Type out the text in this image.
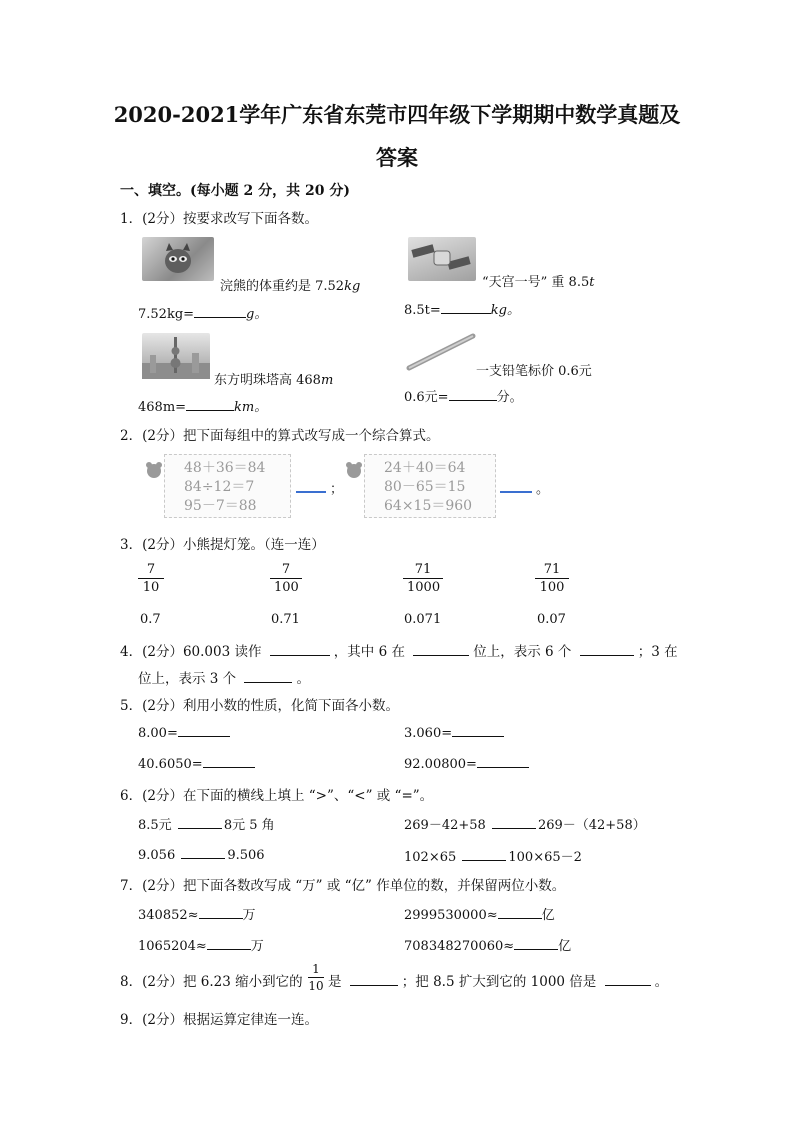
2020-2021学年广东省东莞市四年级下学期期中数学真题及
答案
一、填空。(每小题 2 分，共 20 分)
1．(2分）按要求改写下面各数。
浣熊的体重约是 7.52kg
7.52kg=	g。
“天宫一号” 重 8.5t
8.5t=	kg。
东方明珠塔高 468m
468m=	km。
一支铅笔标价 0.6元
0.6元=	分。
2．(2分）把下面每组中的算式改写成一个综合算式。
48＋36＝84
84÷12＝7
95－7＝88
；
24＋40＝64
80－65＝15
64×15＝960
。
3．(2分）小熊提灯笼。（连一连）
7
10
7
100
71
1000
71
100
0.7	0.71	0.071	0.07
4．(2分）60.003 读作	，其中 6 在	位上，表示 6 个	；3 在
位上，表示 3 个	。
5．(2分）利用小数的性质，化简下面各小数。
8.00=	3.060=
40.6050=	92.00800=
6．(2分）在下面的横线上填上 “>”、“<” 或 “=”。
8.5元	8元 5 角	269－42+58	269－（42+58）
9.056	9.506	102×65	100×65－2
7．(2分）把下面各数改写成 “万” 或 “亿” 作单位的数，并保留两位小数。
340852≈	万	2999530000≈	亿
1065204≈	万	708348270060≈	亿
8．(2分）把 6.23 缩小到它的
1
10 是	；把 8.5 扩大到它的 1000 倍是	。
9．(2分）根据运算定律连一连。
